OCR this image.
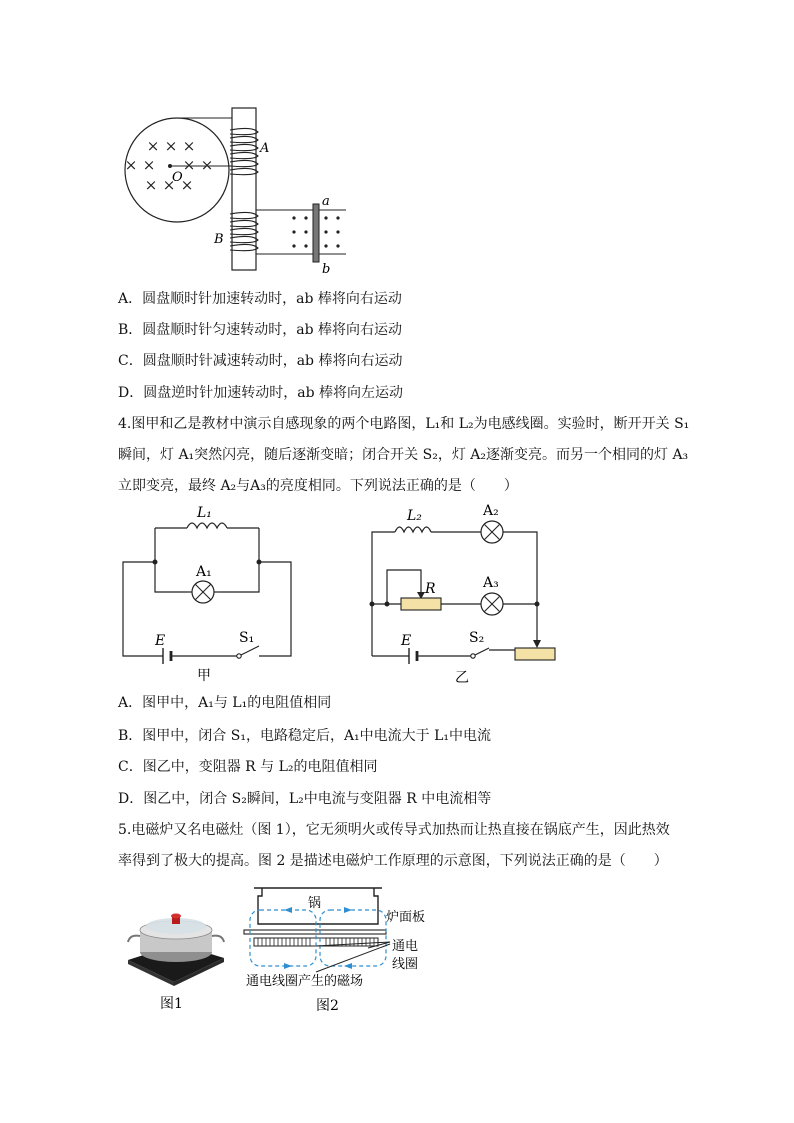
× × ×
× × × ×
× × ×
O
A
B
a
b
A．圆盘顺时针加速转动时，ab 棒将向右运动
B．圆盘顺时针匀速转动时，ab 棒将向右运动
C．圆盘顺时针减速转动时，ab 棒将向右运动
D．圆盘逆时针加速转动时，ab 棒将向左运动
4.图甲和乙是教材中演示自感现象的两个电路图，L₁和 L₂为电感线圈。实验时，断开开关 S₁
瞬间，灯 A₁突然闪亮，随后逐渐变暗；闭合开关 S₂，灯 A₂逐渐变亮。而另一个相同的灯 A₃
立即变亮，最终 A₂与A₃的亮度相同。下列说法正确的是（　　）
L₁
A₁
E	S₁
甲
L₂	A₂
R	A₃
E	S₂
乙
A．图甲中，A₁与 L₁的电阻值相同
B．图甲中，闭合 S₁，电路稳定后，A₁中电流大于 L₁中电流
C．图乙中，变阻器 R 与 L₂的电阻值相同
D．图乙中，闭合 S₂瞬间，L₂中电流与变阻器 R 中电流相等
5.电磁炉又名电磁灶（图 1），它无须明火或传导式加热而让热直接在锅底产生，因此热效
率得到了极大的提高。图 2 是描述电磁炉工作原理的示意图，下列说法正确的是（　　）
图1
锅
炉面板
通电
线圈
通电线圈产生的磁场
图2
